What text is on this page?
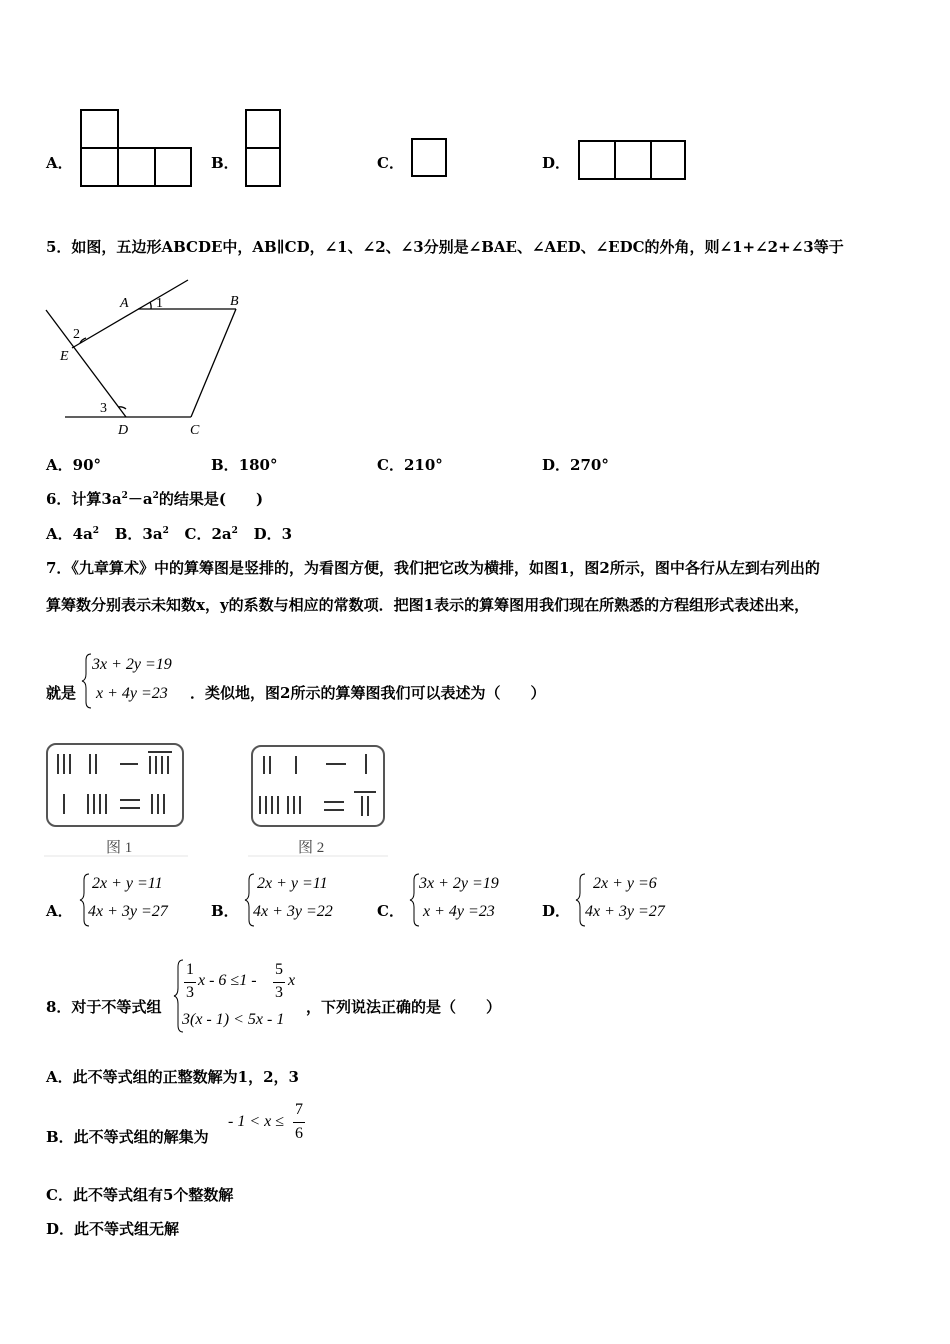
A．	B．	C．	D．
5．如图，五边形ABCDE中，AB∥CD，∠1、∠2、∠3分别是∠BAE、∠AED、∠EDC的外角，则∠1+∠2+∠3等于
A 1	B
2
E
3
D	C
A．90°	B．180°	C．210°	D．270°
6．计算$3a^2-a^2$的结果是(　　)
A．$4a^2$ B．$3a^2$ C．$2a^2$ D．3
7．《九章算术》中的算筹图是竖排的，为看图方便，我们把它改为横排，如图1，图2所示，图中各行从左到右列出的
算筹数分别表示未知数x，y的系数与相应的常数项．把图1表示的算筹图用我们现在所熟悉的方程组形式表述出来，
就是
3x + 2y =19
x + 4y =23 ．类似地，图2所示的算筹图我们可以表述为（　　）
图 1	图 2
A．
2x + y =11
4x + 3y =27	B．
2x + y =11
4x + 3y =22	C．
3x + 2y =19
x + 4y =23	D．
2x + y =6
4x + 3y =27
8．对于不等式组
1
3
x - 6 ≤1 -
5
3
x
3(x - 1) < 5x - 1
，下列说法正确的是（　　）
A．此不等式组的正整数解为1，2，3
B．此不等式组的解集为
- 1 < x ≤
7
6
C．此不等式组有5个整数解
D．此不等式组无解
